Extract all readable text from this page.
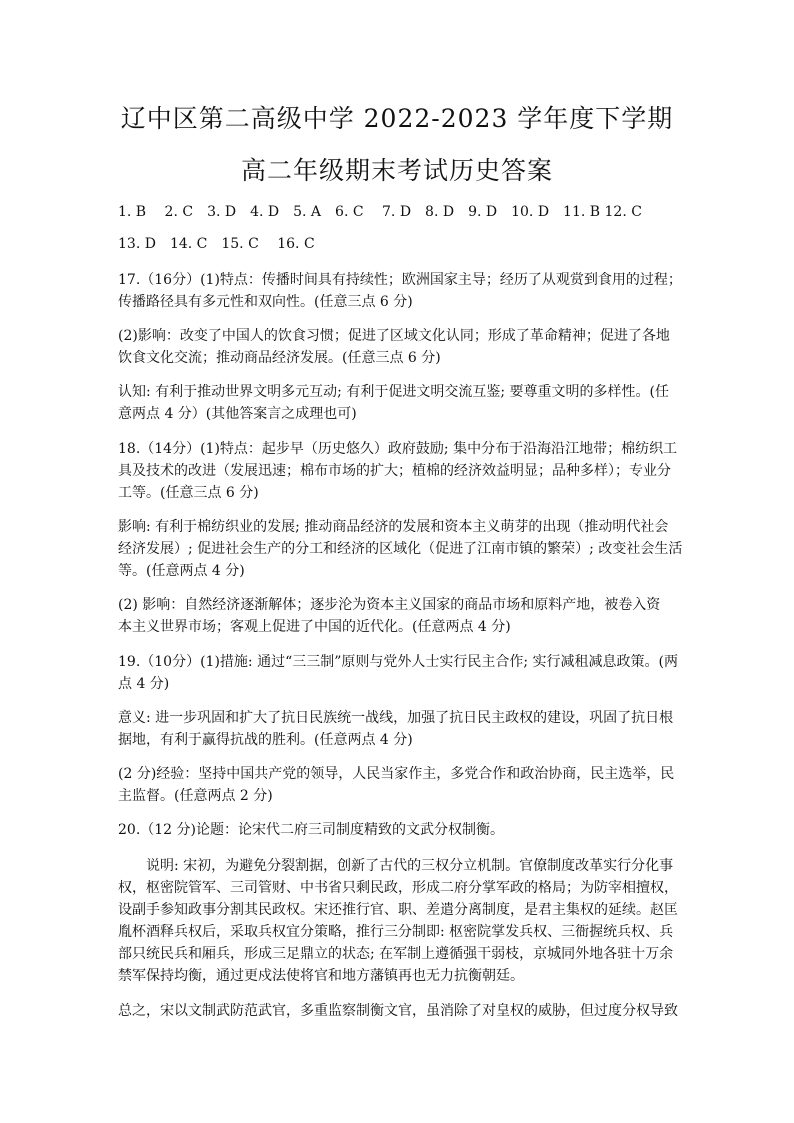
辽中区第二高级中学 2022-2023 学年度下学期
高二年级期末考试历史答案
1. B　 2. C　3. D　4. D　5. A　6. C　 7. D　8. D　9. D　10. D　11. B 12. C
13. D　14. C　15. C　 16. C
17.（16分）(1)特点：传播时间具有持续性；欧洲国家主导；经历了从观赏到食用的过程；
传播路径具有多元性和双向性。(任意三点 6 分)
(2)影响：改变了中国人的饮食习惯；促进了区域文化认同；形成了革命精神；促进了各地
饮食文化交流；推动商品经济发展。(任意三点 6 分)
认知: 有利于推动世界文明多元互动; 有利于促进文明交流互鉴; 要尊重文明的多样性。(任
意两点 4 分）(其他答案言之成理也可)
18.（14分）(1)特点：起步早（历史悠久）政府鼓励; 集中分布于沿海沿江地带；棉纺织工
具及技术的改进（发展迅速；棉布市场的扩大；植棉的经济效益明显；品种多样）；专业分
工等。(任意三点 6 分)
影响: 有利于棉纺织业的发展; 推动商品经济的发展和资本主义萌芽的出现（推动明代社会
经济发展）; 促进社会生产的分工和经济的区域化（促进了江南市镇的繁荣）; 改变社会生活
等。(任意两点 4 分)
(2) 影响：自然经济逐渐解体；逐步沦为资本主义国家的商品市场和原料产地，被卷入资
本主义世界市场；客观上促进了中国的近代化。(任意两点 4 分)
19.（10分）(1)措施: 通过“三三制”原则与党外人士实行民主合作; 实行减租减息政策。(两
点 4 分)
意义: 进一步巩固和扩大了抗日民族统一战线，加强了抗日民主政权的建设，巩固了抗日根
据地，有利于赢得抗战的胜利。(任意两点 4 分)
(2 分)经验：坚持中国共产党的领导，人民当家作主，多党合作和政治协商，民主选举，民
主监督。(任意两点 2 分)
20.（12 分)论题：论宋代二府三司制度精致的文武分权制衡。
　　说明: 宋初，为避免分裂割据，创新了古代的三权分立机制。官僚制度改革实行分化事
权，枢密院管军、三司管财、中书省只剩民政，形成二府分掌军政的格局；为防宰相擅权，
设副手参知政事分割其民政权。宋还推行官、职、差遣分离制度，是君主集权的延续。赵匡
胤杯酒释兵权后，采取兵权宜分策略，推行三分制即: 枢密院掌发兵权、三衙握统兵权、兵
部只统民兵和厢兵，形成三足鼎立的状态; 在军制上遵循强干弱枝，京城同外地各驻十万余
禁军保持均衡，通过更戍法使将官和地方藩镇再也无力抗衡朝廷。
总之，宋以文制武防范武官，多重监察制衡文官，虽消除了对皇权的威胁，但过度分权导致
